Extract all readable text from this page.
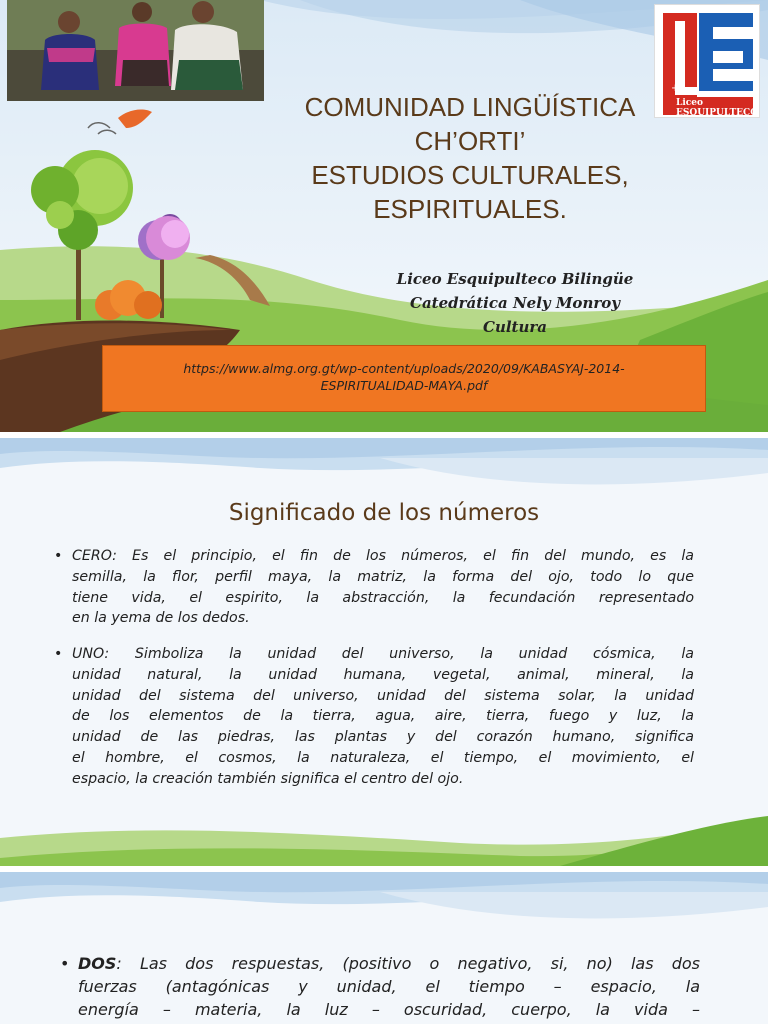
+
Liceo
ESQUIPULTECO
COMUNIDAD LINGÜÍSTICA
CH’ORTI’
ESTUDIOS CULTURALES,
ESPIRITUALES.
Liceo Esquipulteco Bilingüe
Catedrática Nely Monroy
Cultura
https://www.almg.org.gt/wp-content/uploads/2020/09/KABASYAJ-2014-
ESPIRITUALIDAD-MAYA.pdf
Significado de los números
• CERO: Es el principio, el fin de los números, el fin del mundo, es la
semilla, la flor, perfil maya, la matriz, la forma del ojo, todo lo que
tiene vida, el espirito, la abstracción, la fecundación representado
en la yema de los dedos.
• UNO: Simboliza la unidad del universo, la unidad cósmica, la
unidad natural, la unidad humana, vegetal, animal, mineral, la
unidad del sistema del universo, unidad del sistema solar, la unidad
de los elementos de la tierra, agua, aire, tierra, fuego y luz, la
unidad de las piedras, las plantas y del corazón humano, significa
el hombre, el cosmos, la naturaleza, el tiempo, el movimiento, el
espacio, la creación también significa el centro del ojo.
• DOS: Las dos respuestas, (positivo o negativo, si, no) las dos
fuerzas (antagónicas y unidad, el tiempo – espacio, la
energía – materia, la luz – oscuridad, cuerpo, la vida –
